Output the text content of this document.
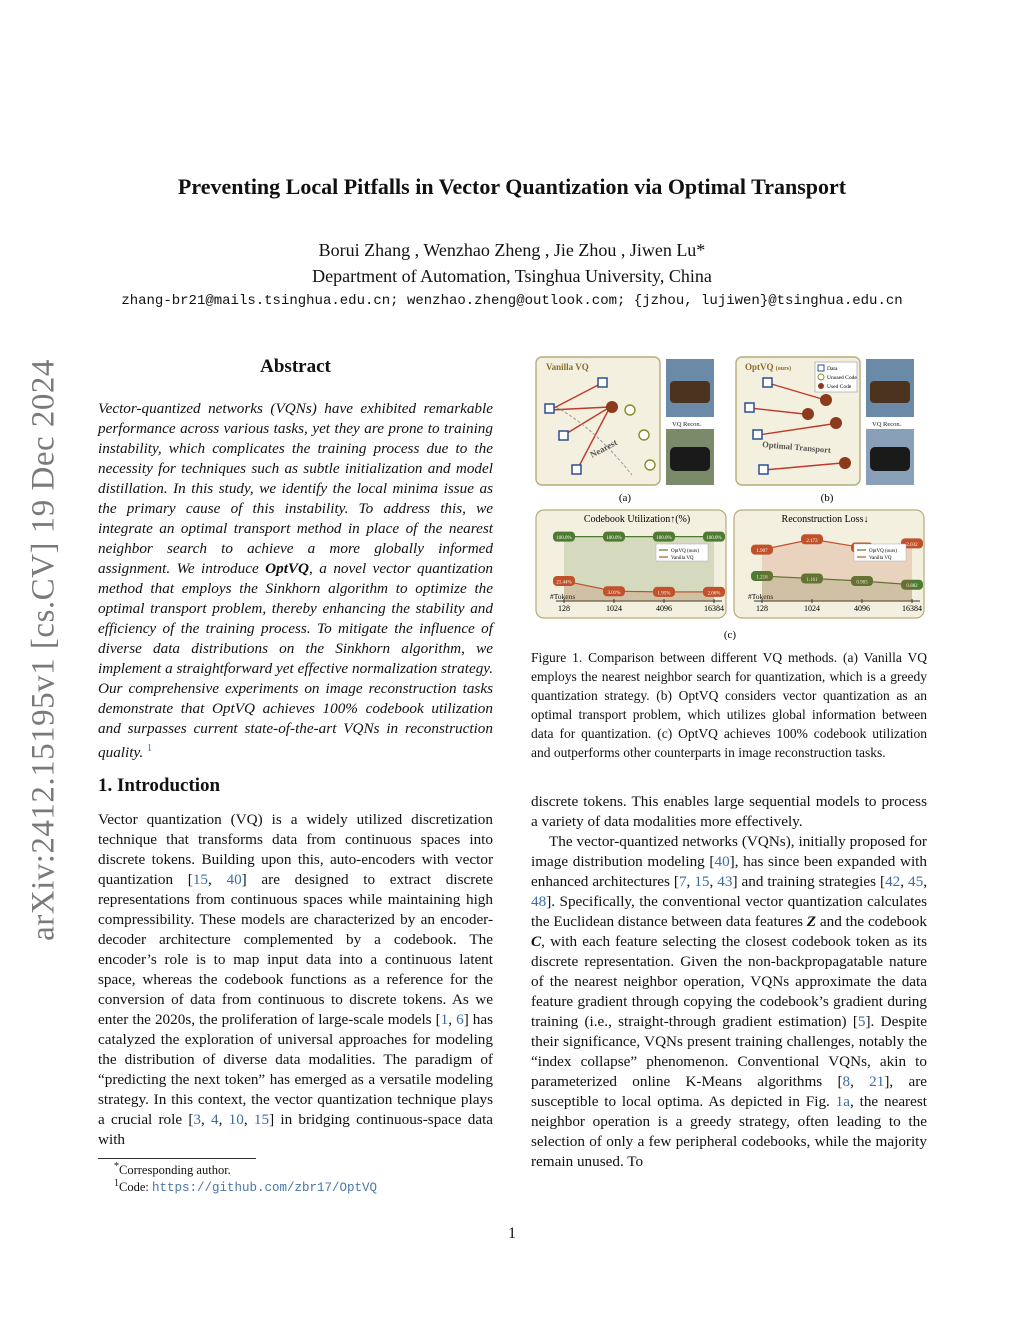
Preventing Local Pitfalls in Vector Quantization via Optimal Transport
Borui Zhang , Wenzhao Zheng , Jie Zhou , Jiwen Lu*
Department of Automation, Tsinghua University, China
zhang-br21@mails.tsinghua.edu.cn; wenzhao.zheng@outlook.com; {jzhou, lujiwen}@tsinghua.edu.cn
arXiv:2412.15195v1 [cs.CV] 19 Dec 2024	Abstract
Vector-quantized networks (VQNs) have exhibited remarkable performance across various tasks, yet they are prone to training instability, which complicates the training process due to the necessity for techniques such as subtle initialization and model distillation. In this study, we identify the local minima issue as the primary cause of this instability. To address this, we integrate an optimal transport method in place of the nearest neighbor search to achieve a more globally informed assignment. We introduce OptVQ, a novel vector quantization method that employs the Sinkhorn algorithm to optimize the optimal transport problem, thereby enhancing the stability and efficiency of the training process. To mitigate the influence of diverse data distributions on the Sinkhorn algorithm, we implement a straightforward yet effective normalization strategy. Our comprehensive experiments on image reconstruction tasks demonstrate that OptVQ achieves 100% codebook utilization and surpasses current state-of-the-art VQNs in reconstruction quality. $^1$
1. Introduction
Vector quantization (VQ) is a widely utilized discretization technique that transforms data from continuous spaces into discrete tokens. Building upon this, auto-encoders with vector quantization [15, 40] are designed to extract discrete representations from continuous spaces while maintaining high compressibility. These models are characterized by an encoder-decoder architecture complemented by a codebook. The encoder’s role is to map input data into a continuous latent space, whereas the codebook functions as a reference for the conversion of data from continuous to discrete tokens. As we enter the 2020s, the proliferation of large-scale models [1, 6] has catalyzed the exploration of universal approaches for modeling the distribution of diverse data modalities. The paradigm of “predicting the next token” has emerged as a versatile modeling strategy. In this context, the vector quantization technique plays a crucial role [3, 4, 10, 15] in bridging continuous-space data with
*Corresponding author.
$^1$Code: https://github.com/zbr17/OptVQ
Vanilla VQ
Nearest
VQ Recon.
OptVQ (ours)	Data
Unused Code
Used Code
Optimal Transport
VQ Recon.
(a)	(b)
Codebook Utilization↑(%)	Reconstruction Loss↓
128	1024	4096	16384
#Tokens
100.0%	100.0%	100.0%	100.0%
21.44%
3.01%	1.95%	2.06%
OptVQ (ours)
Vanilla VQ
128	1024	4096	16384
#Tokens
1.218	1.161	0.983
0.882
1.907
2.173
2.032
OptVQ (ours)
Vanilla VQ
(c)
Figure 1. Comparison between different VQ methods. (a) Vanilla VQ employs the nearest neighbor search for quantization, which is a greedy quantization strategy. (b) OptVQ considers vector quantization as an optimal transport problem, which utilizes global information between data for quantization. (c) OptVQ achieves 100% codebook utilization and outperforms other counterparts in image reconstruction tasks.

discrete tokens. This enables large sequential models to process a variety of data modalities more effectively.

The vector-quantized networks (VQNs), initially proposed for image distribution modeling [40], has since been expanded with enhanced architectures [7, 15, 43] and training strategies [42, 45, 48]. Specifically, the conventional vector quantization calculates the Euclidean distance between data features Z and the codebook C, with each feature selecting the closest codebook token as its discrete representation. Given the non-backpropagatable nature of the nearest neighbor operation, VQNs approximate the data feature gradient through copying the codebook’s gradient during training (i.e., straight-through gradient estimation) [5]. Despite their significance, VQNs present training challenges, notably the “index collapse” phenomenon. Conventional VQNs, akin to parameterized online K-Means algorithms [8, 21], are susceptible to local optima. As depicted in Fig. 1a, the nearest neighbor operation is a greedy strategy, often leading to the selection of only a few peripheral codebooks, while the majority remain unused. To

1
